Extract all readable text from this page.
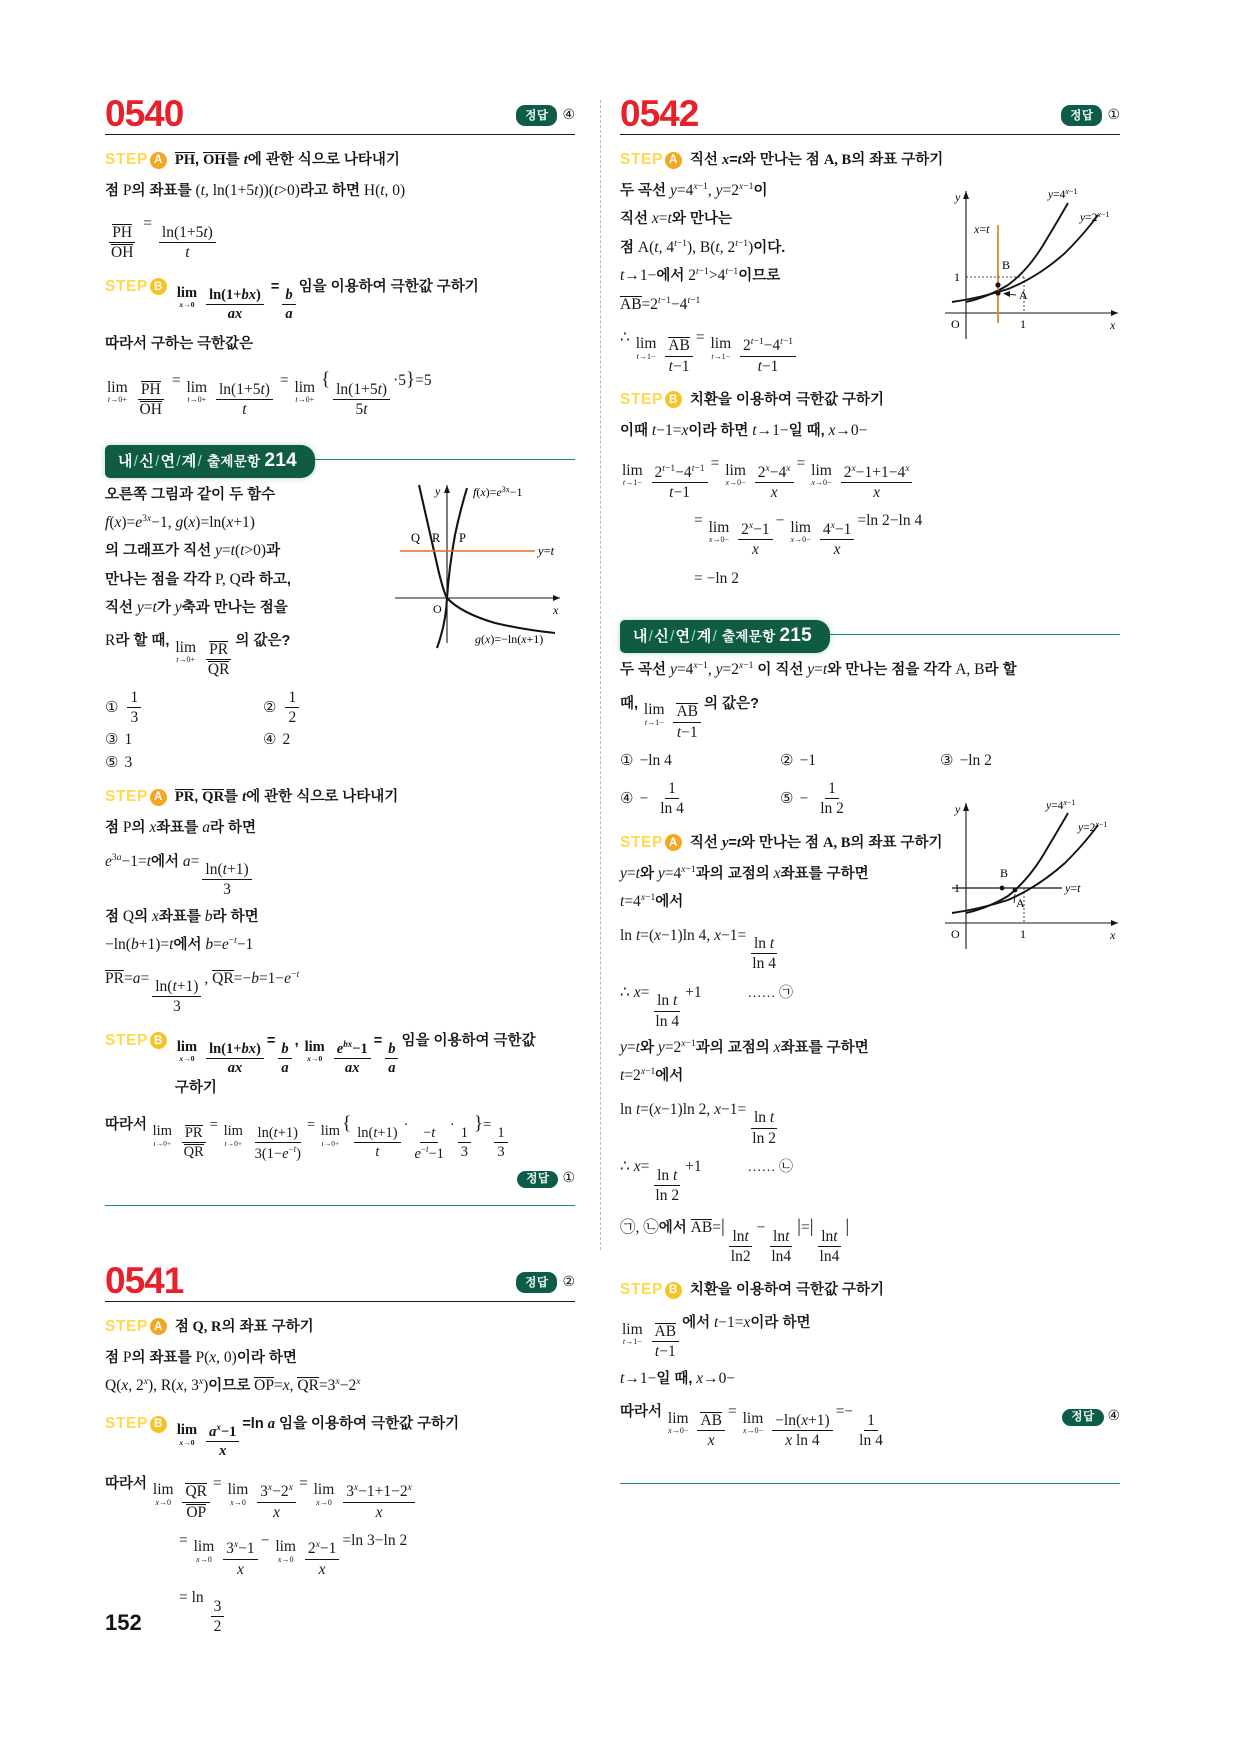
0540	정답	④
STEP A PH, OH를 t에 관한 식으로 나타내기
점 P의 좌표를 (t, ln(1+5t))(t>0)라고 하면 H(t, 0)
$\frac{PH}{OH}$
=
$\frac{\ln(1+5t)}{t}$
STEP B lim
x→0
$\frac{\ln(1+bx)}{ax} = \frac{b}{a}$ 임을 이용하여 극한값 구하기
따라서 구하는 극한값은
lim
t→0+
$\frac{PH}{OH}$
= lim
t→0+
$\frac{\ln(1+5t)}{t}$
= lim
t→0+
{
$\frac{\ln(1+5t)}{5t}$
·5}=5
내/신/연/계/ 출제문항 214
y
x
Q R P
O
y=t
$f(x)=e^{3x}-1$
g(x)=−ln(x+1)
오른쪽 그림과 같이 두 함수
$f(x)=e^{3x}-1$, g(x)=ln(x+1)
의 그래프가 직선 y=t(t>0)과
만나는 점을 각각 P, Q라 하고,
직선 y=t가 y축과 만나는 점을
R라 할 때, lim
t→0+
$\frac{PR}{QR}$ 의 값은?
① $\frac{1}{3}$	② $\frac{1}{2}$
③ 1	④ 2
⑤ 3
STEP A PR, QR를 t에 관한 식으로 나타내기
점 P의 x좌표를 a라 하면
$e^{3a}-1=t$에서 a=
$\frac{\ln(t+1)}{3}$
점 Q의 x좌표를 b라 하면
−ln(b+1)=t에서 $b=e^{-t}-1$
PR=a=
$\frac{\ln(t+1)}{3}$
, $QR=-b=1-e^{-t}$
STEP B lim
x→0
$\frac{\ln(1+bx)}{ax} = \frac{b}{a}$ , lim
x→0
$\frac{e^{bx}-1}{ax} = \frac{b}{a}$ 임을 이용하여 극한값
구하기
따라서 lim
t→0+
$\frac{PR}{QR} = \lim$
t→0+
$\frac{\ln(t+1)}{3(1-e^{-t})} = \lim$
t→0+
{
$\frac{\ln(t+1)}{t} \cdot \frac{-t}{e^{-t}-1} \cdot \frac{1}{3}$
}= $\frac{1}{3}$
정답 ①
0541	정답	②
STEP A 점 Q, R의 좌표 구하기
점 P의 좌표를 P(x, 0)이라 하면
Q(x, 2$^x$), R(x, 3$^x$)이므로 OP=x, $QR=3^x-2^x$
STEP B lim
x→0
$\frac{a^x-1}{x} =\ln$ a 임을 이용하여 극한값 구하기
따라서 lim
x→0
$\frac{QR}{OP}$
= lim
x→0
$\frac{3^x-2^x}{x} = \lim$
x→0
$\frac{3^x-1+1-2^x}{x}$
= lim
x→0
$\frac{3^x-1}{x} - \lim$
x→0
$\frac{2^x-1}{x} =\ln$ 3−ln 2
= ln
$\frac{3}{2}$
0542	정답	①
STEP A 직선 x=t와 만나는 점 A, B의 좌표 구하기
y
x
x=t
B
A
1
1
O
$y=4^{x-1}$
$y=2^{x-1}$
두 곡선 $y=4^{x-1}$, $y=2^{x-1}$이
직선 x=t와 만나는
점 A(t, $4^{t-1}$), B(t, $2^{t-1}$)이다.
t→1−에서 $2^{t-1}>4^{t-1}$이므로
$AB=2^{t-1}-4^{t-1}$
∴ lim
t→1−
$\frac{AB}{t-1}$
= lim
t→1−
$\frac{2^{t-1}-4^{t-1}}{t-1}$
STEP B 치환을 이용하여 극한값 구하기
이때 t−1=x이라 하면 t→1−일 때, x→0−
lim
t→1−
$\frac{2^{t-1}-4^{t-1}}{t-1} = \lim$
x→0−
$\frac{2^x-4^x}{x} = \lim$
x→0−
$\frac{2^x-1+1-4^x}{x}$
= lim
x→0−
$\frac{2^x-1}{x} - \lim$
x→0−
$\frac{4^x-1}{x} =\ln$ 2−ln 4
= −ln 2
내/신/연/계/ 출제문항 215
두 곡선 $y=4^{x-1}$, $y=2^{x-1}$ 이 직선 y=t와 만나는 점을 각각 A, B라 할
때, lim
t→1−
$\frac{AB}{t-1}$ 의 값은?
① −ln 4	② −1	③ −ln 2
④ − $\frac{1}{\ln 4}$	⑤ − $\frac{1}{\ln 2}$
STEP A 직선 y=t와 만나는 점 A, B의 좌표 구하기
y
x
y=t
B
A
1
1
O
$y=4^{x-1}$
$y=2^{x-1}$
y=t와 $y=4^{x-1}$과의 교점의 x좌표를 구하면
$t=4^{x-1}$에서
ln t=(x−1)ln 4, x−1=
$\frac{\text{ln t}}{\ln 4}$
∴ x=
$\frac{\text{ln t}}{\ln 4}$
+1	…… ㉠
y=t와 $y=2^{x-1}$과의 교점의 x좌표를 구하면
$t=2^{x-1}$에서
ln t=(x−1)ln 2, x−1=
$\frac{\text{ln t}}{\ln 2}$
∴ x=
$\frac{\text{ln t}}{\ln 2}$
+1	…… ㉡
㉠, ㉡에서 AB=|
$\frac{\ln t}{\ln 2}$
−
$\frac{\ln t}{\ln 4}$
|=|
$\frac{\ln t}{\ln 4}$
|
STEP B 치환을 이용하여 극한값 구하기
lim
t→1−
$\frac{AB}{t-1}$ 에서 t−1=x이라 하면
t→1−일 때, x→0−
따라서 lim
x→0−
$\frac{AB}{x}$
= lim
x→0−
$\frac{-\ln(x+1)}{\text{x ln 4}}$
=−
$\frac{1}{\ln 4}$	정답 ④
152
